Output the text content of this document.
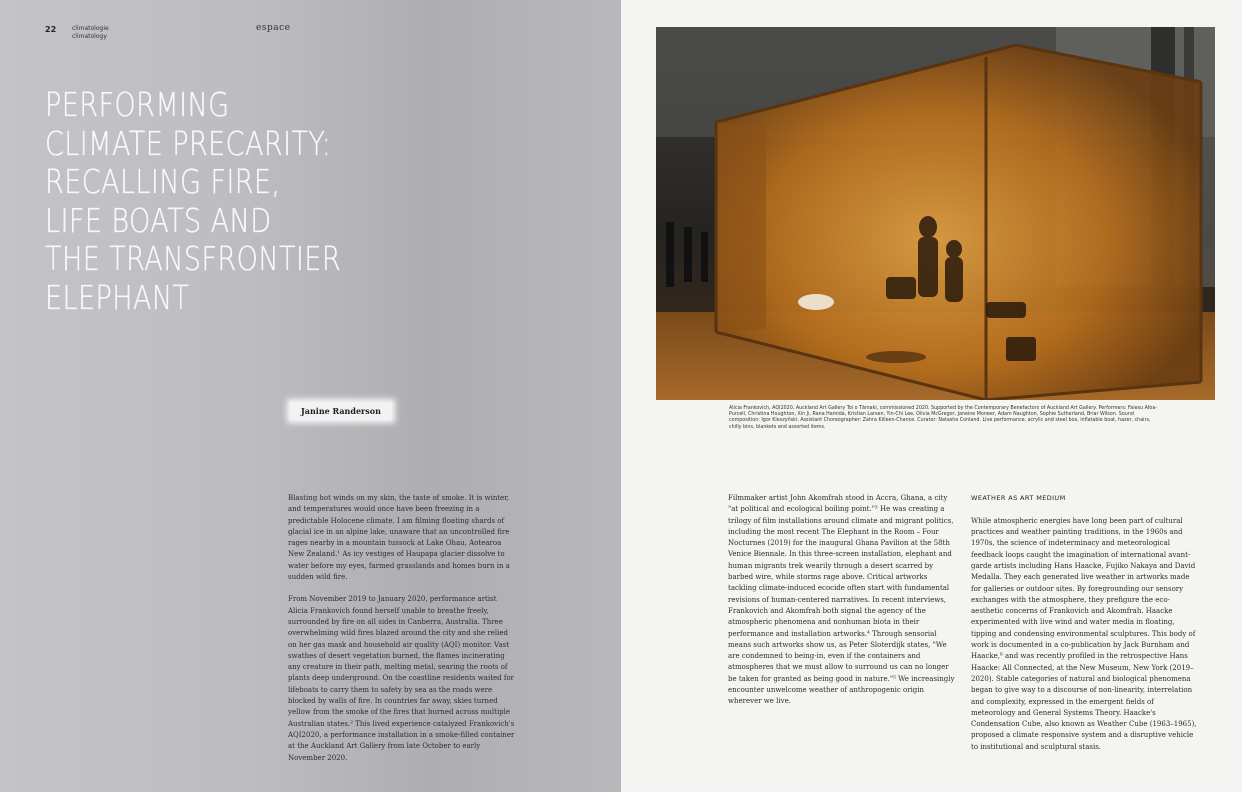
22	climatologie
climatology
espace
PERFORMING
CLIMATE PRECARITY:
RECALLING FIRE,
LIFE BOATS AND
THE TRANSFRONTIER
ELEPHANT
Janine Randerson

Blasting hot winds on my skin, the taste of smoke. It is winter, and temperatures would once have been freezing in a predictable Holocene climate. I am filming floating shards of glacial ice in an alpine lake, unaware that an uncontrolled fire rages nearby in a mountain tussock at Lake Ohau, Aotearoa New Zealand.¹ As icy vestiges of Haupapa glacier dissolve to water before my eyes, farmed grasslands and homes burn in a sudden wild fire.

From November 2019 to January 2020, performance artist Alicia Frankovich found herself unable to breathe freely, surrounded by fire on all sides in Canberra, Australia. Three overwhelming wild fires blazed around the city and she relied on her gas mask and household air quality (AQI) monitor. Vast swathes of desert vegetation burned, the flames incinerating any creature in their path, melting metal, searing the roots of plants deep underground. On the coastline residents waited for lifeboats to carry them to safety by sea as the roads were blocked by walls of fire. In countries far away, skies turned yellow from the smoke of the fires that burned across multiple Australian states.² This lived experience catalyzed Frankovich's AQI2020, a performance installation in a smoke-filled container at the Auckland Art Gallery from late October to early November 2020.

Alicia Frankovich, AQI2020, Auckland Art Gallery Toi o Tāmaki, commissioned 2020. Supported by the Contemporary Benefactors of Auckland Art Gallery. Performers: Faiesu Afoa-Purcell, Christina Houghton, Xin Ji, Rana Hamida, Kristian Larsen, Yin-Chi Lee, Olivia McGregor, Janeine Moneer, Adam Naughton, Sophie Sutherland, Briar Wilson. Sound composition: Igor Kleszyński. Assistant Choreographer: Zahra Killeen-Chance. Curator: Natasha Conland. Live performance, acrylic and steel box, inflatable boat, hazer, chairs, chilly bins, blankets and assorted items.

Filmmaker artist John Akomfrah stood in Accra, Ghana, a city "at political and ecological boiling point."³ He was creating a trilogy of film installations around climate and migrant politics, including the most recent The Elephant in the Room – Four Nocturnes (2019) for the inaugural Ghana Pavilion at the 58th Venice Biennale. In this three-screen installation, elephant and human migrants trek wearily through a desert scarred by barbed wire, while storms rage above. Critical artworks tackling climate-induced ecocide often start with fundamental revisions of human-centered narratives. In recent interviews, Frankovich and Akomfrah both signal the agency of the atmospheric phenomena and nonhuman biota in their performance and installation artworks.⁴ Through sensorial means such artworks show us, as Peter Sloterdijk states, "We are condemned to being-in, even if the containers and atmospheres that we must allow to surround us can no longer be taken for granted as being good in nature."⁵ We increasingly encounter unwelcome weather of anthropogenic origin wherever we live.

WEATHER AS ART MEDIUM

While atmospheric energies have long been part of cultural practices and weather painting traditions, in the 1960s and 1970s, the science of indeterminacy and meteorological feedback loops caught the imagination of international avant-garde artists including Hans Haacke, Fujiko Nakaya and David Medalla. They each generated live weather in artworks made for galleries or outdoor sites. By foregrounding our sensory exchanges with the atmosphere, they prefigure the eco-aesthetic concerns of Frankovich and Akomfrah. Haacke experimented with live wind and water media in floating, tipping and condensing environmental sculptures. This body of work is documented in a co-publication by Jack Burnham and Haacke,⁶ and was recently profiled in the retrospective Hans Haacke: All Connected, at the New Museum, New York (2019–2020). Stable categories of natural and biological phenomena began to give way to a discourse of non-linearity, interrelation and complexity, expressed in the emergent fields of meteorology and General Systems Theory. Haacke's Condensation Cube, also known as Weather Cube (1963–1965), proposed a climate responsive system and a disruptive vehicle to institutional and sculptural stasis.
